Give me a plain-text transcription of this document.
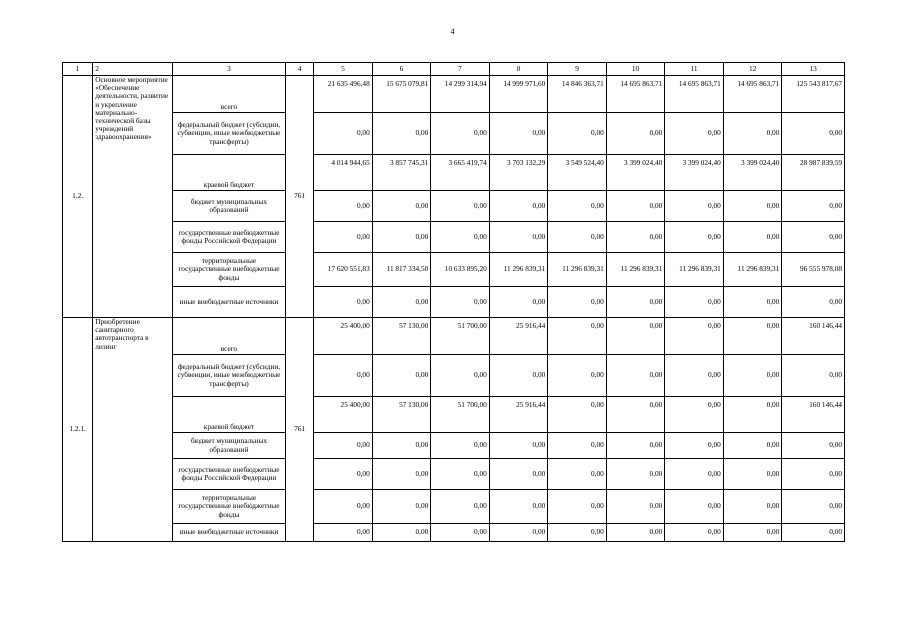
4
1	2	3	4	5	6	7	8	9	10	11	12	13
1.2.	Основное мероприятие «Обеспечение деятельности, развитие и укрепление материально-технической базы учреждений здравоохранения»	всего	761	21 635 496,48	15 675 079,81	14 299 314,94	14 999 971,60	14 846 363,71	14 695 863,71	14 695 863,71	14 695 863,71	125 543 817,67
		федеральный бюджет (субсидии, субвенции, иные межбюджетные трансферты)		0,00	0,00	0,00	0,00	0,00	0,00	0,00	0,00	0,00
		краевой бюджет		4 014 944,65	3 857 745,31	3 665 419,74	3 703 132,29	3 549 524,40	3 399 024,40	3 399 024,40	3 399 024,40	28 987 839,59
		бюджет муниципальных образований		0,00	0,00	0,00	0,00	0,00	0,00	0,00	0,00	0,00
		государственные внебюджетные фонды Российской Федерации		0,00	0,00	0,00	0,00	0,00	0,00	0,00	0,00	0,00
		территориальные государственные внебюджетные фонды		17 620 551,83	11 817 334,50	10 633 895,20	11 296 839,31	11 296 839,31	11 296 839,31	11 296 839,31	11 296 839,31	96 555 978,08
		иные внебюджетные источники		0,00	0,00	0,00	0,00	0,00	0,00	0,00	0,00	0,00
1.2.1.	Приобретение санитарного автотранспорта в лизинг	всего	761	25 400,00	57 130,00	51 700,00	25 916,44	0,00	0,00	0,00	0,00	160 146,44
		федеральный бюджет (субсидии, субвенции, иные межбюджетные трансферты)		0,00	0,00	0,00	0,00	0,00	0,00	0,00	0,00	0,00
		краевой бюджет		25 400,00	57 130,00	51 700,00	25 916,44	0,00	0,00	0,00	0,00	160 146,44
		бюджет муниципальных образований		0,00	0,00	0,00	0,00	0,00	0,00	0,00	0,00	0,00
		государственные внебюджетные фонды Российской Федерации		0,00	0,00	0,00	0,00	0,00	0,00	0,00	0,00	0,00
		территориальные государственные внебюджетные фонды		0,00	0,00	0,00	0,00	0,00	0,00	0,00	0,00	0,00
		иные внебюджетные источники		0,00	0,00	0,00	0,00	0,00	0,00	0,00	0,00	0,00
